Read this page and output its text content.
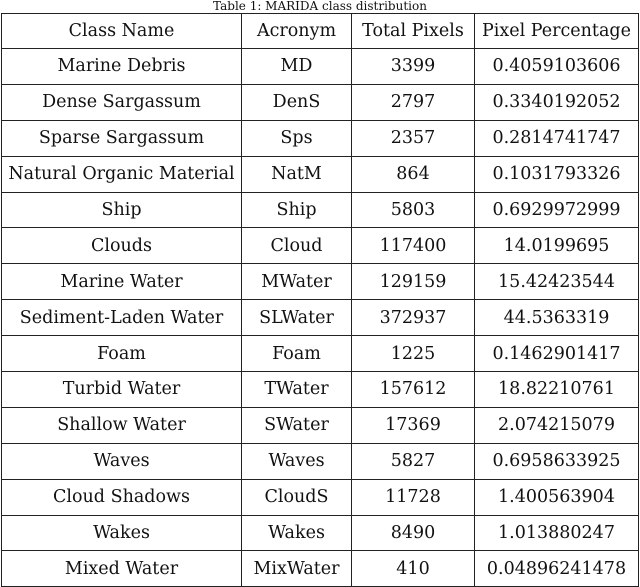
Table 1: MARIDA class distribution
Class Name	Acronym	Total Pixels	Pixel Percentage
Marine Debris	MD	3399	0.4059103606
Dense Sargassum	DenS	2797	0.3340192052
Sparse Sargassum	Sps	2357	0.2814741747
Natural Organic Material	NatM	864	0.1031793326
Ship	Ship	5803	0.6929972999
Clouds	Cloud	117400	14.0199695
Marine Water	MWater	129159	15.42423544
Sediment-Laden Water	SLWater	372937	44.5363319
Foam	Foam	1225	0.1462901417
Turbid Water	TWater	157612	18.82210761
Shallow Water	SWater	17369	2.074215079
Waves	Waves	5827	0.6958633925
Cloud Shadows	CloudS	11728	1.400563904
Wakes	Wakes	8490	1.013880247
Mixed Water	MixWater	410	0.04896241478
